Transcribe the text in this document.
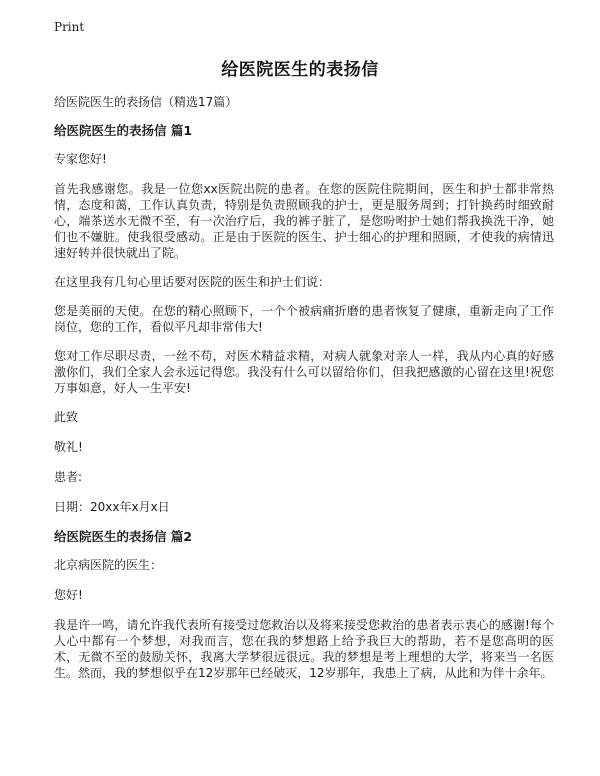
Print
给医院医生的表扬信
给医院医生的表扬信（精选17篇）
给医院医生的表扬信 篇1
专家您好!
首先我感谢您。我是一位您xx医院出院的患者。在您的医院住院期间，医生和护士都非常热情，态度和蔼，工作认真负责，特别是负责照顾我的护士，更是服务周到；打针换药时细致耐心，端茶送水无微不至，有一次治疗后，我的裤子脏了，是您吩咐护士她们帮我换洗干净，她们也不嫌脏。使我很受感动。正是由于医院的医生、护士细心的护理和照顾，才使我的病情迅速好转并很快就出了院。
在这里我有几句心里话要对医院的医生和护士们说：
您是美丽的天使。在您的精心照顾下，一个个被病痛折磨的患者恢复了健康，重新走向了工作岗位，您的工作，看似平凡却非常伟大!
您对工作尽职尽责，一丝不苟，对医术精益求精，对病人就象对亲人一样，我从内心真的好感激你们，我们全家人会永远记得您。我没有什么可以留给你们，但我把感激的心留在这里!祝您万事如意，好人一生平安!
此致
敬礼!
患者:
日期：20xx年x月x日
给医院医生的表扬信 篇2
北京病医院的医生：
您好!
我是许一鸣，请允许我代表所有接受过您救治以及将来接受您救治的患者表示衷心的感谢!每个人心中都有一个梦想，对我而言，您在我的梦想路上给予我巨大的帮助，若不是您高明的医术，无微不至的鼓励关怀，我离大学梦很远很远。我的梦想是考上理想的大学，将来当一名医生。然而，我的梦想似乎在12岁那年已经破灭，12岁那年，我患上了病，从此和为伴十余年。
